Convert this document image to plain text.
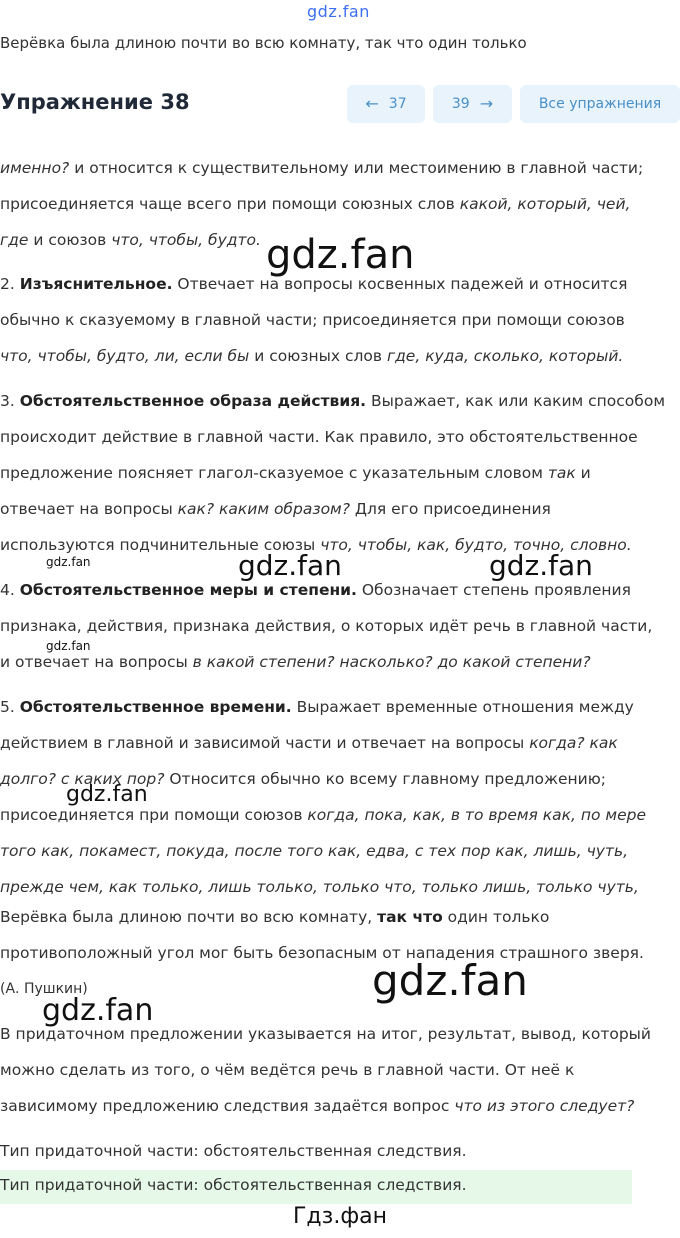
gdz.fan
Верёвка была длиною почти во всю комнату, так что один только
Упражнение 38	← 37	39 →	Все упражнения
именно? и относится к существительному или местоимению в главной части;
присоединяется чаще всего при помощи союзных слов какой, который, чей,
где и союзов что, чтобы, будто.
2. Изъяснительное. Отвечает на вопросы косвенных падежей и относится
обычно к сказуемому в главной части; присоединяется при помощи союзов
что, чтобы, будто, ли, если бы и союзных слов где, куда, сколько, который.
3. Обстоятельственное образа действия. Выражает, как или каким способом
происходит действие в главной части. Как правило, это обстоятельственное
предложение поясняет глагол-сказуемое с указательным словом так и
отвечает на вопросы как? каким образом? Для его присоединения
используются подчинительные союзы что, чтобы, как, будто, точно, словно.
4. Обстоятельственное меры и степени. Обозначает степень проявления
признака, действия, признака действия, о которых идёт речь в главной части,
и отвечает на вопросы в какой степени? насколько? до какой степени?
5. Обстоятельственное времени. Выражает временные отношения между
действием в главной и зависимой части и отвечает на вопросы когда? как
долго? с каких пор? Относится обычно ко всему главному предложению;
присоединяется при помощи союзов когда, пока, как, в то время как, по мере
того как, покамест, покуда, после того как, едва, с тех пор как, лишь, чуть,
прежде чем, как только, лишь только, только что, только лишь, только чуть,
Верёвка была длиною почти во всю комнату, так что один только
противоположный угол мог быть безопасным от нападения страшного зверя.
(А. Пушкин)
В придаточном предложении указывается на итог, результат, вывод, который
можно сделать из того, о чём ведётся речь в главной части. От неё к
зависимому предложению следствия задаётся вопрос что из этого следует?
Тип придаточной части: обстоятельственная следствия.
Тип придаточной части: обстоятельственная следствия.
gdz.fan
gdz.fan	gdz.fan	gdz.fan
gdz.fan
gdz.fan
gdz.fan
gdz.fan
Гдз.фан
